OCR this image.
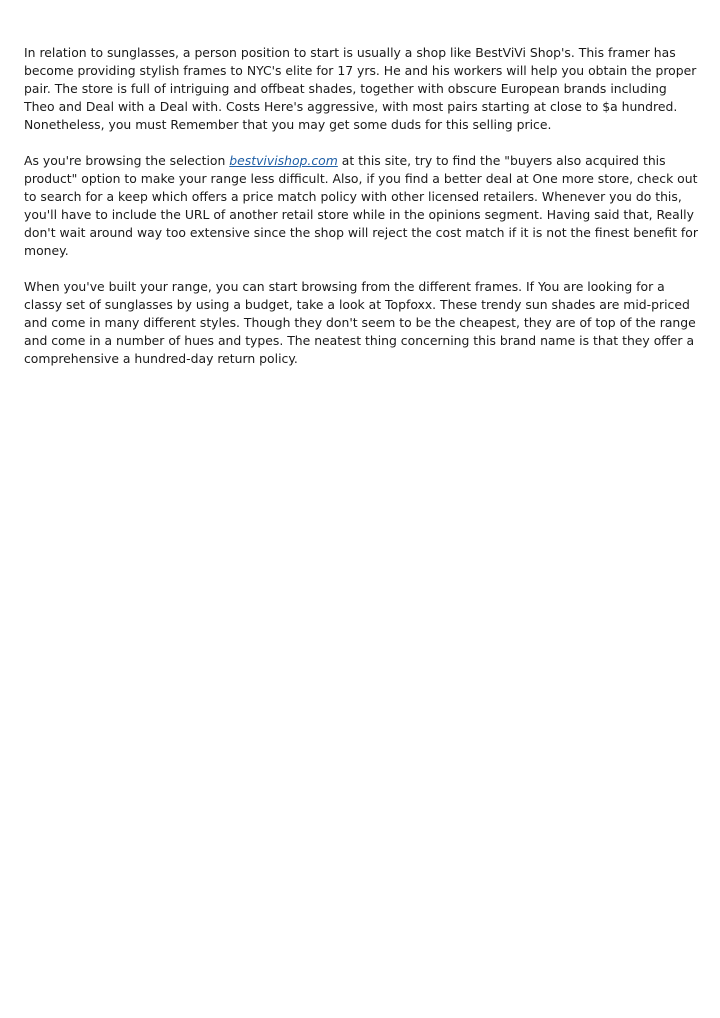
In relation to sunglasses, a person position to start is usually a shop like BestViVi Shop's. This framer has become providing stylish frames to NYC's elite for 17 yrs. He and his workers will help you obtain the proper pair. The store is full of intriguing and offbeat shades, together with obscure European brands including Theo and Deal with a Deal with. Costs Here's aggressive, with most pairs starting at close to $a hundred. Nonetheless, you must Remember that you may get some duds for this selling price.

As you're browsing the selection bestvivishop.com at this site, try to find the "buyers also acquired this product" option to make your range less difficult. Also, if you find a better deal at One more store, check out to search for a keep which offers a price match policy with other licensed retailers. Whenever you do this, you'll have to include the URL of another retail store while in the opinions segment. Having said that, Really don't wait around way too extensive since the shop will reject the cost match if it is not the finest benefit for money.

When you've built your range, you can start browsing from the different frames. If You are looking for a classy set of sunglasses by using a budget, take a look at Topfoxx. These trendy sun shades are mid-priced and come in many different styles. Though they don't seem to be the cheapest, they are of top of the range and come in a number of hues and types. The neatest thing concerning this brand name is that they offer a comprehensive a hundred-day return policy.
